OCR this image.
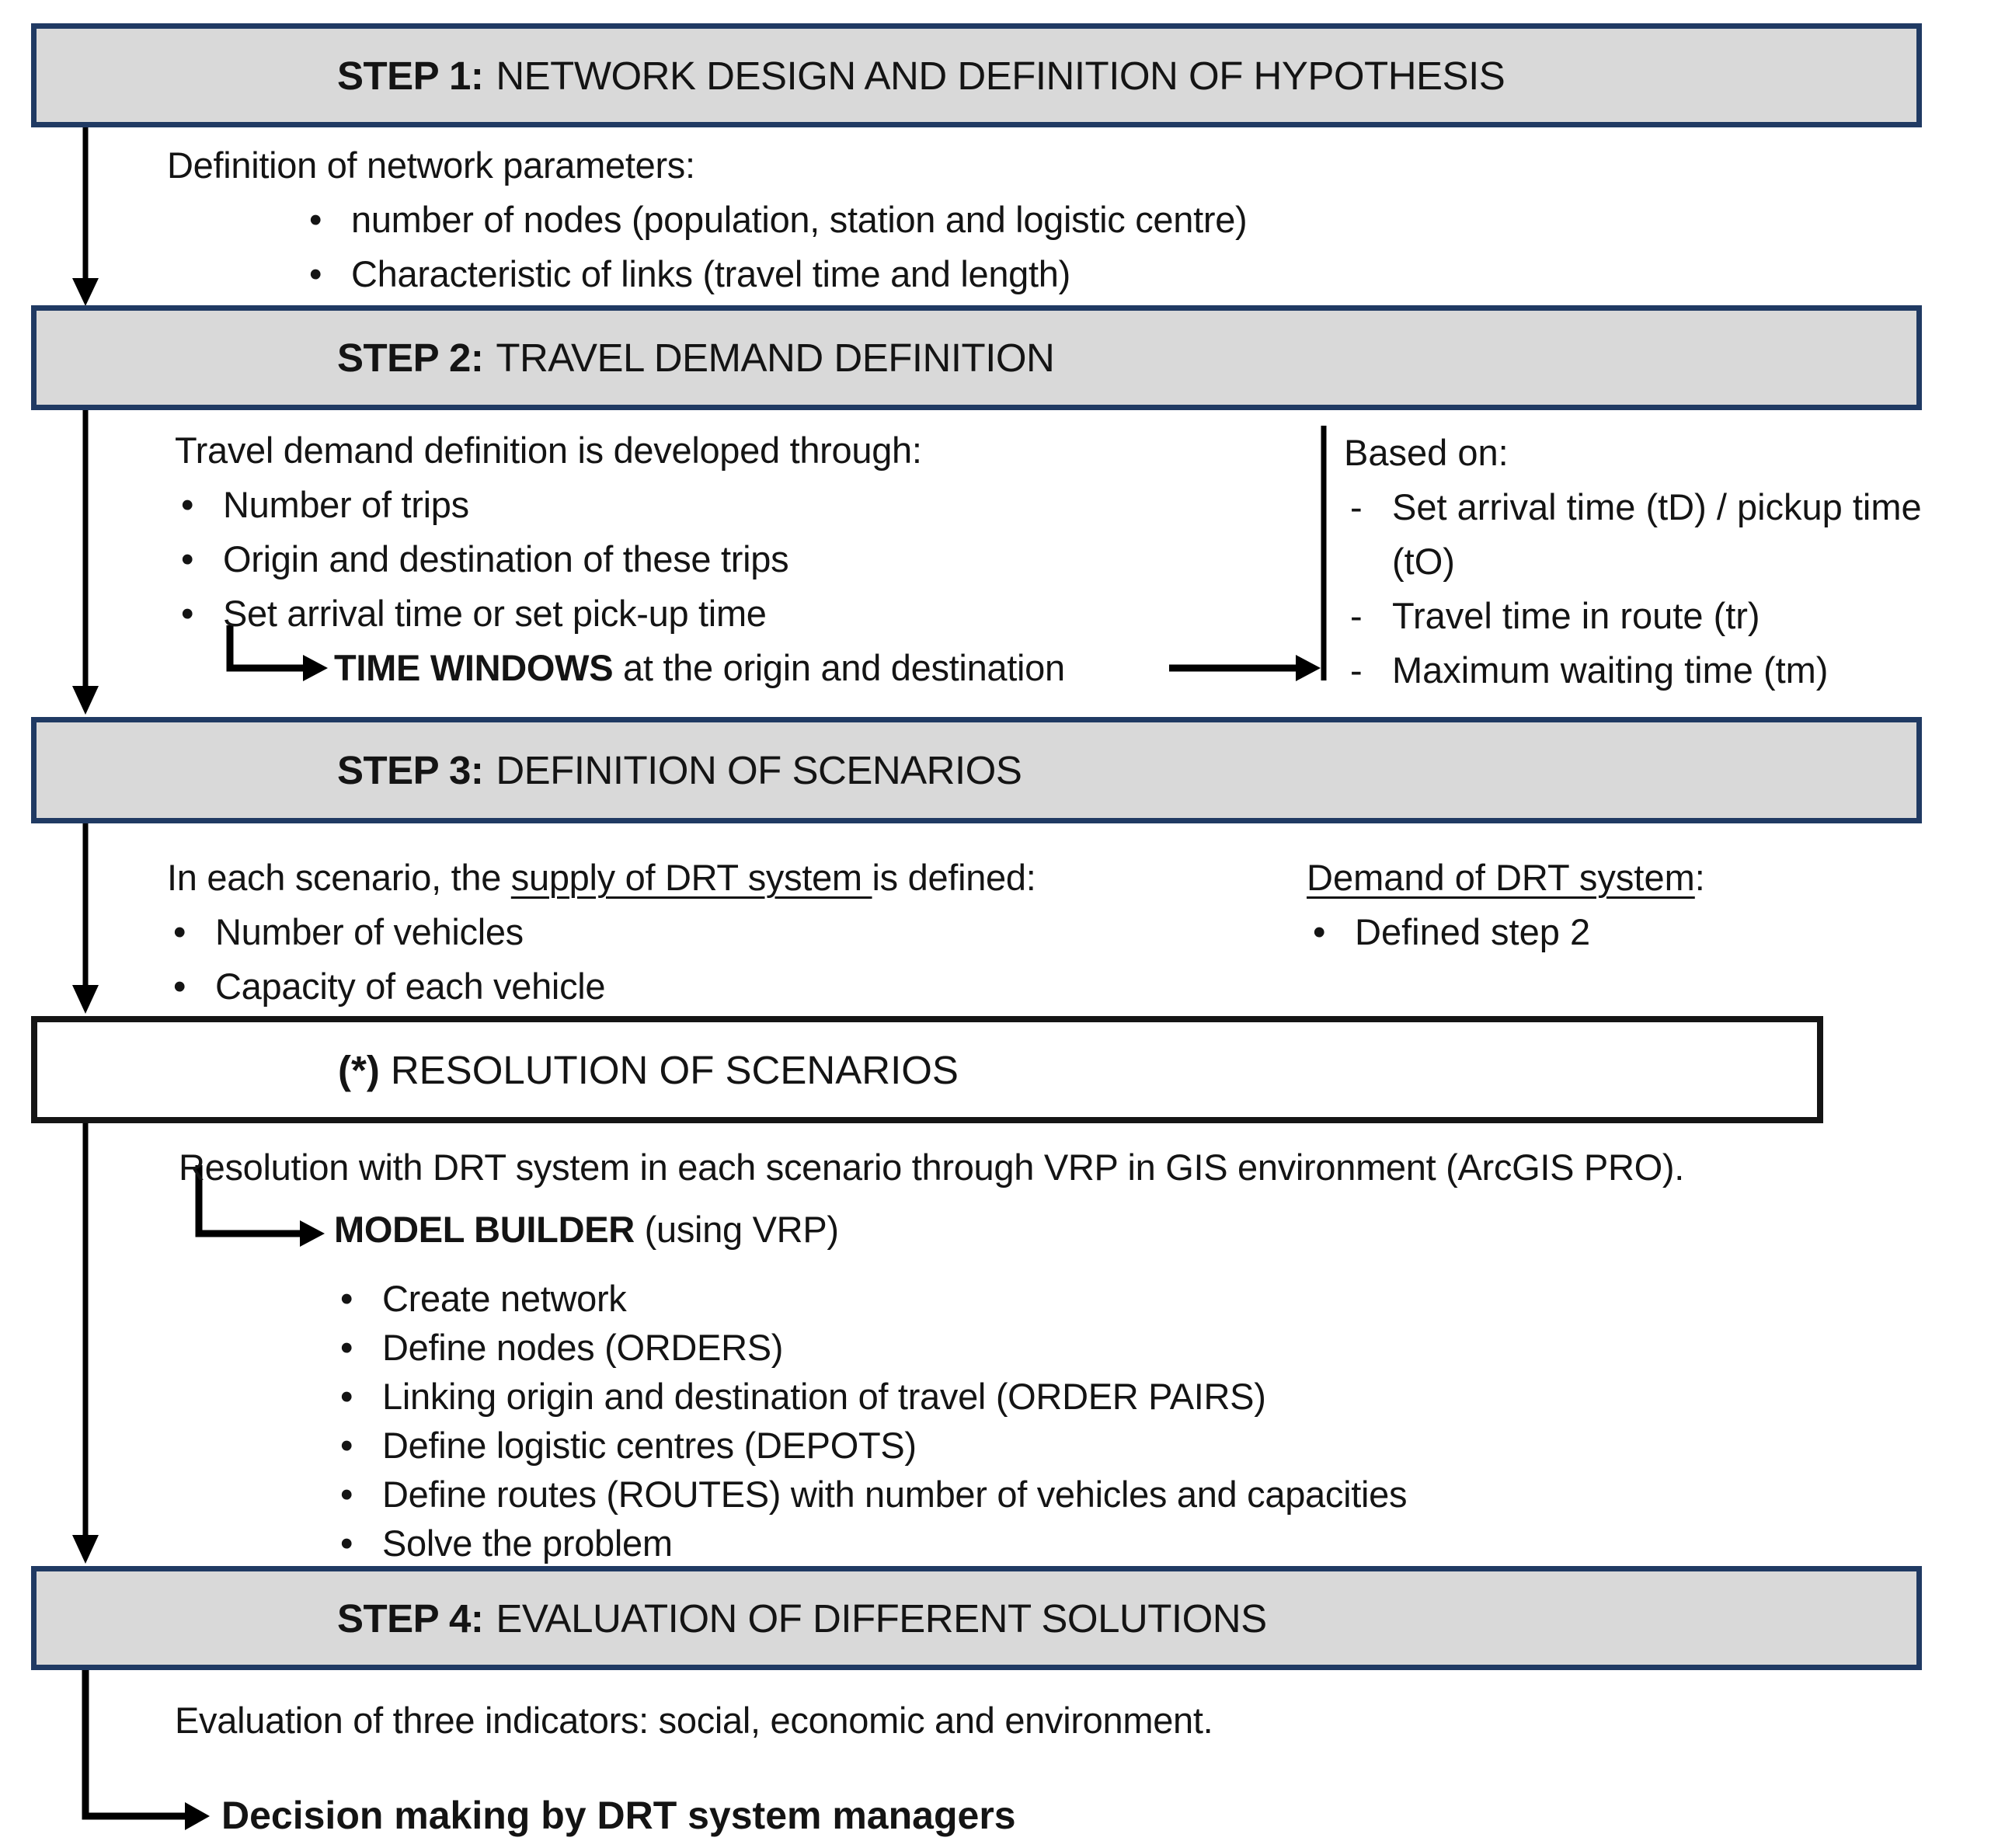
STEP 1: NETWORK DESIGN AND DEFINITION OF HYPOTHESIS
Definition of network parameters:
• number of nodes (population, station and logistic centre)
• Characteristic of links (travel time and length)
STEP 2: TRAVEL DEMAND DEFINITION
Travel demand definition is developed through:
• Number of trips
• Origin and destination of these trips
• Set arrival time or set pick-up time
TIME WINDOWS at the origin and destination
Based on:
- Set arrival time (tD) / pickup time (tO)
- Travel time in route (tr)
- Maximum waiting time (tm)
STEP 3: DEFINITION OF SCENARIOS
In each scenario, the supply of DRT system is defined:
• Number of vehicles
• Capacity of each vehicle
Demand of DRT system:
• Defined step 2
(*) RESOLUTION OF SCENARIOS
Resolution with DRT system in each scenario through VRP in GIS environment (ArcGIS PRO).
MODEL BUILDER (using VRP)
• Create network
• Define nodes (ORDERS)
• Linking origin and destination of travel (ORDER PAIRS)
• Define logistic centres (DEPOTS)
• Define routes (ROUTES) with number of vehicles and capacities
• Solve the problem
STEP 4: EVALUATION OF DIFFERENT SOLUTIONS
Evaluation of three indicators: social, economic and environment.
Decision making by DRT system managers
